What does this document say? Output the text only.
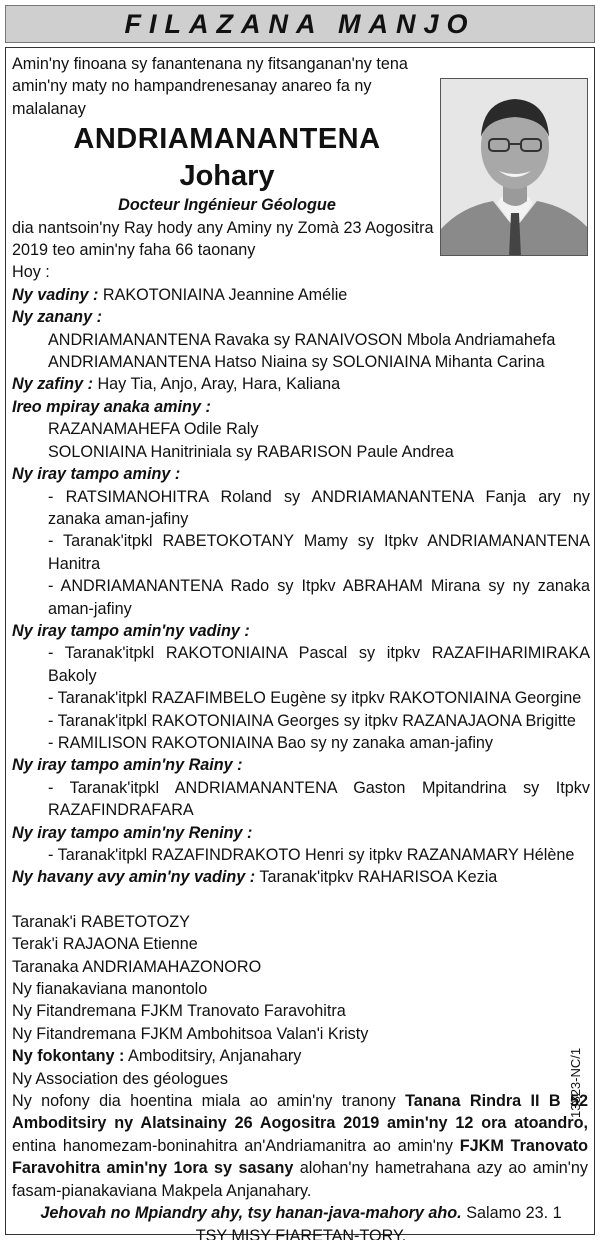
FILAZANA MANJO

Amin'ny finoana sy fanantenana ny fitsanganan'ny tena amin'ny maty no hampandrenesanay anareo fa ny malalanay

ANDRIAMANANTENA

Johary

Docteur Ingénieur Géologue

dia nantsoin'ny Ray hody any Aminy ny Zomà 23 Aogositra 2019 teo amin'ny faha 66 taonany

Hoy :

Ny vadiny : RAKOTONIAINA Jeannine Amélie

Ny zanany :

ANDRIAMANANTENA Ravaka sy RANAIVOSON Mbola Andriamahefa

ANDRIAMANANTENA Hatso Niaina sy SOLONIAINA Mihanta Carina

Ny zafiny : Hay Tia, Anjo, Aray, Hara, Kaliana

Ireo mpiray anaka aminy :

RAZANAMAHEFA Odile Raly

SOLONIAINA Hanitriniala sy RABARISON Paule Andrea

Ny iray tampo aminy :

- RATSIMANOHITRA Roland sy ANDRIAMANANTENA Fanja ary ny zanaka aman-jafiny

- Taranak'itpkl RABETOKOTANY Mamy sy Itpkv ANDRIAMANANTENA Hanitra

- ANDRIAMANANTENA Rado sy Itpkv ABRAHAM Mirana sy ny zanaka aman-jafiny

Ny iray tampo amin'ny vadiny :

- Taranak'itpkl RAKOTONIAINA Pascal sy itpkv RAZAFIHARIMIRAKA Bakoly

- Taranak'itpkl RAZAFIMBELO Eugène sy itpkv RAKOTONIAINA Georgine

- Taranak'itpkl RAKOTONIAINA Georges sy itpkv RAZANAJAONA Brigitte

- RAMILISON RAKOTONIAINA Bao sy ny zanaka aman-jafiny

Ny iray tampo amin'ny Rainy :

- Taranak'itpkl ANDRIAMANANTENA Gaston Mpitandrina sy Itpkv RAZAFINDRAFARA

Ny iray tampo amin'ny Reniny :

- Taranak'itpkl RAZAFINDRAKOTO Henri sy itpkv RAZANAMARY Hélène

Ny havany avy amin'ny vadiny : Taranak'itpkv RAHARISOA Kezia

Taranak'i RABETOTOZY

Terak'i RAJAONA Etienne

Taranaka ANDRIAMAHAZONORO

Ny fianakaviana manontolo

Ny Fitandremana FJKM Tranovato Faravohitra

Ny Fitandremana FJKM Ambohitsoa Valan'i Kristy

Ny fokontany : Amboditsiry, Anjanahary

Ny Association des géologues

Ny nofony dia hoentina miala ao amin'ny tranony Tanana Rindra II B 52 Amboditsiry ny Alatsinainy 26 Aogositra 2019 amin'ny 12 ora atoandro, entina hanomezam-boninahitra an'Andriamanitra ao amin'ny FJKM Tranovato Faravohitra amin'ny 1ora sy sasany alohan'ny hametrahana azy ao amin'ny fasam-pianakaviana Makpela Anjanahary.

Jehovah no Mpiandry ahy, tsy hanan-java-mahory aho. Salamo 23. 1

TSY MISY FIARETAN-TORY.

13823-NC/1
